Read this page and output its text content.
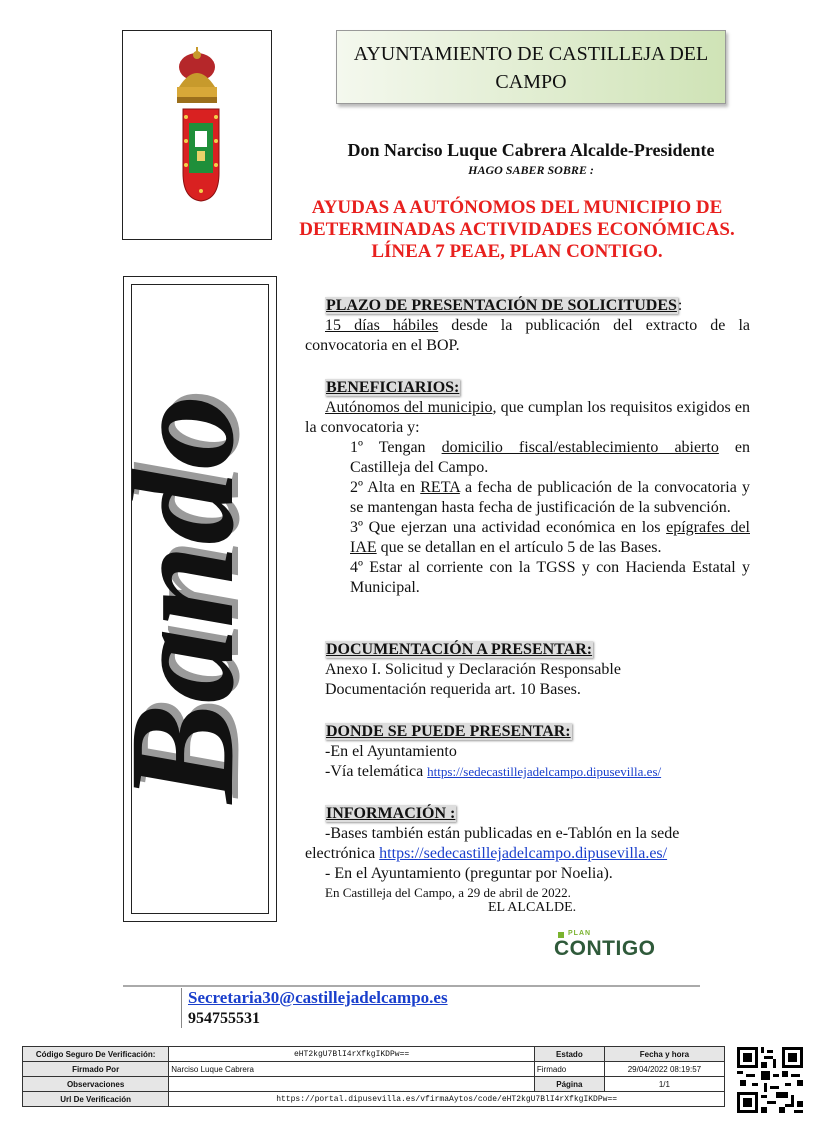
AYUNTAMIENTO DE CASTILLEJA DEL
CAMPO
Don Narciso Luque Cabrera Alcalde-Presidente
HAGO SABER SOBRE :
AYUDAS A AUTÓNOMOS DEL MUNICIPIO DE
DETERMINADAS ACTIVIDADES ECONÓMICAS.
LÍNEA 7 PEAE, PLAN CONTIGO.
Bando
Bando
PLAZO DE PRESENTACIÓN DE SOLICITUDES:
15 días hábiles desde la publicación del extracto de la convocatoria en el BOP.
BENEFICIARIOS:
Autónomos del municipio, que cumplan los requisitos exigidos en la convocatoria y:
1º Tengan domicilio fiscal/establecimiento abierto en Castilleja del Campo.
2º Alta en RETA a fecha de publicación de la convocatoria y se mantengan hasta fecha de justificación de la subvención.
3º Que ejerzan una actividad económica en los epígrafes del IAE que se detallan en el artículo 5 de las Bases.
4º Estar al corriente con la TGSS y con Hacienda Estatal y Municipal.
DOCUMENTACIÓN A PRESENTAR:
Anexo I. Solicitud y Declaración Responsable
Documentación requerida art. 10 Bases.
DONDE SE PUEDE PRESENTAR:
-En el Ayuntamiento
-Vía telemática https://sedecastillejadelcampo.dipusevilla.es/
INFORMACIÓN :
-Bases también están publicadas en e-Tablón en la sede
electrónica https://sedecastillejadelcampo.dipusevilla.es/
- En el Ayuntamiento (preguntar por Noelia).
En Castilleja del Campo, a 29 de abril de 2022.
EL ALCALDE.
PLAN
CONTIGO
Secretaria30@castillejadelcampo.es
954755531
Código Seguro De Verificación:	eHT2kgU7BlI4rXfkgIKDPw==	Estado	Fecha y hora
Firmado Por	Narciso Luque Cabrera	Firmado	29/04/2022 08:19:57
Observaciones		Página	1/1
Url De Verificación	https://portal.dipusevilla.es/vfirmaAytos/code/eHT2kgU7BlI4rXfkgIKDPw==		
